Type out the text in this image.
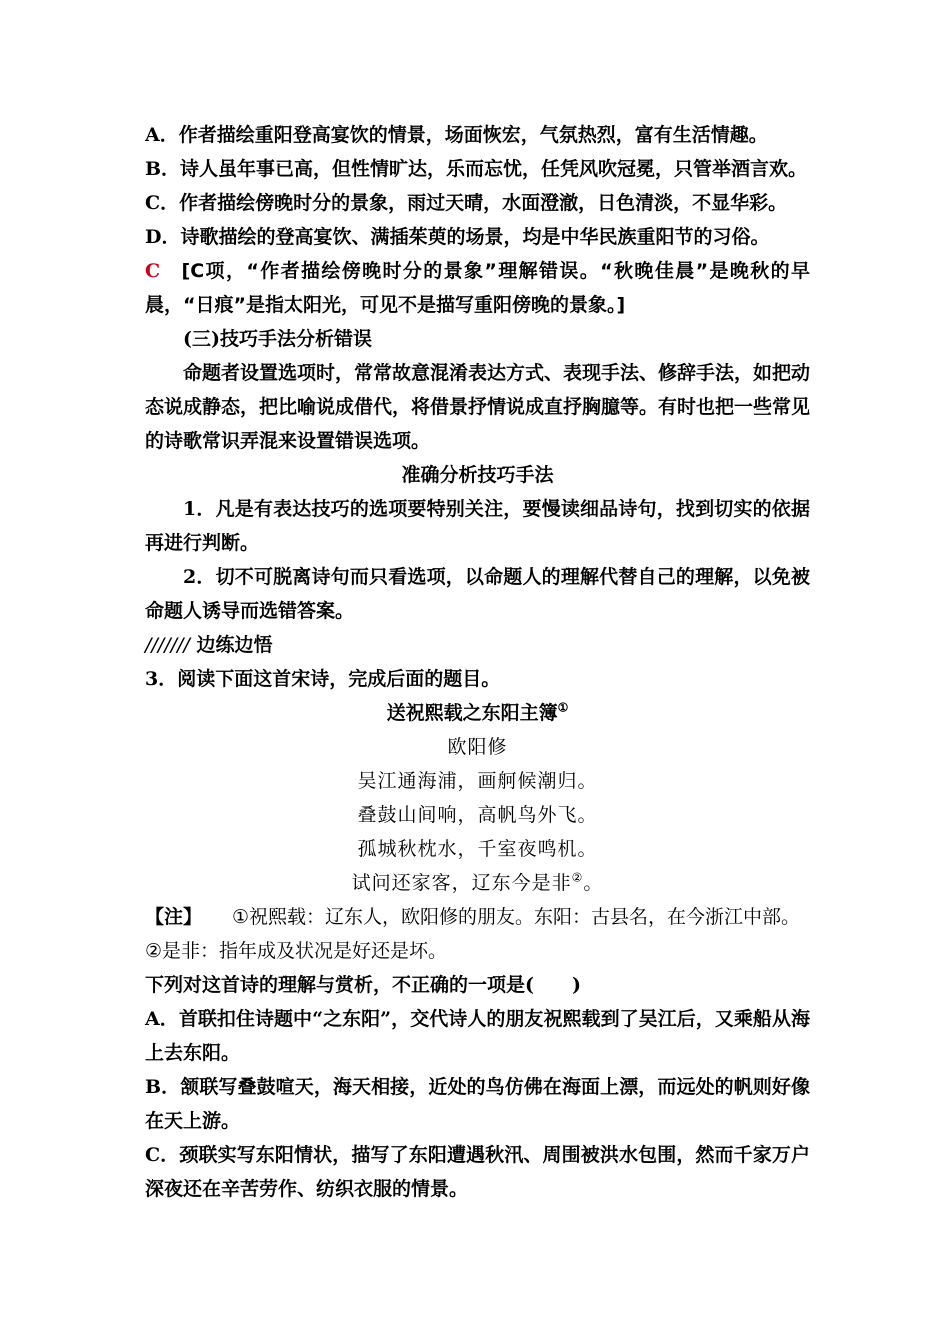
A．作者描绘重阳登高宴饮的情景，场面恢宏，气氛热烈，富有生活情趣。

B．诗人虽年事已高，但性情旷达，乐而忘忧，任凭风吹冠冕，只管举酒言欢。

C．作者描绘傍晚时分的景象，雨过天晴，水面澄澈，日色清淡，不显华彩。

D．诗歌描绘的登高宴饮、满插茱萸的场景，均是中华民族重阳节的习俗。

C [C项，“作者描绘傍晚时分的景象”理解错误。“秋晚佳晨”是晚秋的早晨，“日痕”是指太阳光，可见不是描写重阳傍晚的景象。]

(三)技巧手法分析错误

命题者设置选项时，常常故意混淆表达方式、表现手法、修辞手法，如把动态说成静态，把比喻说成借代，将借景抒情说成直抒胸臆等。有时也把一些常见的诗歌常识弄混来设置错误选项。

准确分析技巧手法

1．凡是有表达技巧的选项要特别关注，要慢读细品诗句，找到切实的依据再进行判断。

2．切不可脱离诗句而只看选项，以命题人的理解代替自己的理解，以免被命题人诱导而选错答案。

/////// 边练边悟

3．阅读下面这首宋诗，完成后面的题目。

送祝熙载之东阳主簿①

欧阳修

吴江通海浦，画舸候潮归。

叠鼓山间响，高帆鸟外飞。

孤城秋枕水，千室夜鸣机。

试问还家客，辽东今是非②。

【注】 ①祝熙载：辽东人，欧阳修的朋友。东阳：古县名，在今浙江中部。

②是非：指年成及状况是好还是坏。

下列对这首诗的理解与赏析，不正确的一项是(　　)

A．首联扣住诗题中“之东阳”，交代诗人的朋友祝熙载到了吴江后，又乘船从海上去东阳。

B．颔联写叠鼓喧天，海天相接，近处的鸟仿佛在海面上漂，而远处的帆则好像在天上游。

C．颈联实写东阳情状，描写了东阳遭遇秋汛、周围被洪水包围，然而千家万户深夜还在辛苦劳作、纺织衣服的情景。
